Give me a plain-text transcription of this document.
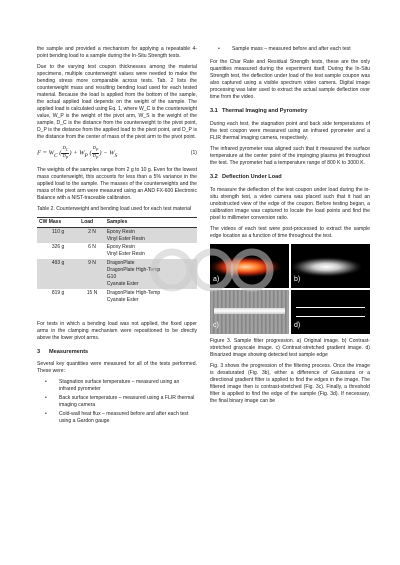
the sample and provided a mechanism for applying a repeatable 4-point bending load to a sample during the In-Situ Strength tests.

Due to the varying test coupon thicknesses among the material specimens, multiple counterweight values were needed to make the bending stress more comparable across tests. Tab. 2 lists the counterweight mass and resulting bending load used for each tested material. Because the load is applied from the bottom of the sample, the actual applied load depends on the weight of the sample. The applied load is calculated using Eq. 1, where W_C is the counterweight value, W_P is the weight of the pivot arm, W_S is the weight of the sample, D_C is the distance from the counterweight to the pivot point, D_P is the distance from the applied load to the pivot point, and D_P is the distance from the center of mass of the pivot arm to the pivot point.

$F = W_C$ ( $\frac{D_C}{D_P}$ ) + $W_P$ ( $\frac{D_P}{D_P}$ ) − $W_S$
(1)

The weights of the samples range from 2 g to 10 g. Even for the lowest mass counterweight, this accounts for less than a 5% variance in the applied load to the sample. The masses of the counterweights and the mass of the pivot arm were measured using an AND FX-600 Electronic Balance with a NIST-traceable calibration.

Table 2. Counterweight and bending load used for each test material

CW Mass	Load	Samples
110 g	2 N	Epoxy Resin
Vinyl Ester Resin

326 g	6 N	Epoxy Resin
Vinyl Ester Resin

493 g	9 N	DragonPlate
DragonPlate High-Temp
G10
Cyanate Ester

819 g	15 N	DragonPlate High-Temp
Cyanate Ester

For tests in which a bending load was not applied, the fixed upper arms in the clamping mechanism were repositioned to be directly above the lower pivot arms.

3 Measurements

Several key quantities were measured for all of the tests performed. These were:

• Stagnation surface temperature – measured using an infrared pyrometer
• Back surface temperature – measured using a FLIR thermal imaging camera
• Cold-wall heat flux – measured before and after each test using a Gardon gauge
• Sample mass – measured before and after each test

For the Char Rate and Residual Strength tests, these are the only quantities measured during the experiment itself. During the In-Situ Strength test, the deflection under load of the test sample coupon was also captured using a visible spectrum video camera. Digital image processing was later used to extract the actual sample deflection over time from the video.

3.1 Thermal Imaging and Pyrometry

During each test, the stagnation point and back side temperatures of the test coupon were measured using an infrared pyrometer and a FLIR thermal imaging camera, respectively.

The infrared pyrometer was aligned such that it measured the surface temperature at the center point of the impinging plasma jet throughout the test. The pyrometer had a temperature range of 800 K to 3000 K.

3.2 Deflection Under Load

To measure the deflection of the test coupon under load during the in-situ strength test, a video camera was placed such that it had an unobstructed view of the edge of the coupon. Before testing began, a calibration image was captured to locate the load points and find the pixel to millimeter conversion ratio.

The videos of each test were post-processed to extract the sample edge location as a function of time throughout the test.

a)	b)
c)	d)

Figure 3. Sample filter progression. a) Original image. b) Contrast-stretched grayscale image. c) Contrast-stretched gradient image. d) Binarized image showing detected test sample edge

Fig. 3 shows the progression of the filtering process. Once the image is desaturated (Fig. 3b), either a difference of Gaussians or a directional gradient filter is applied to find the edges in the image. The filtered image then is contrast-stretched (Fig. 3c). Finally, a threshold filter is applied to find the edge of the sample (Fig. 3d). If necessary, the final binary image can be
